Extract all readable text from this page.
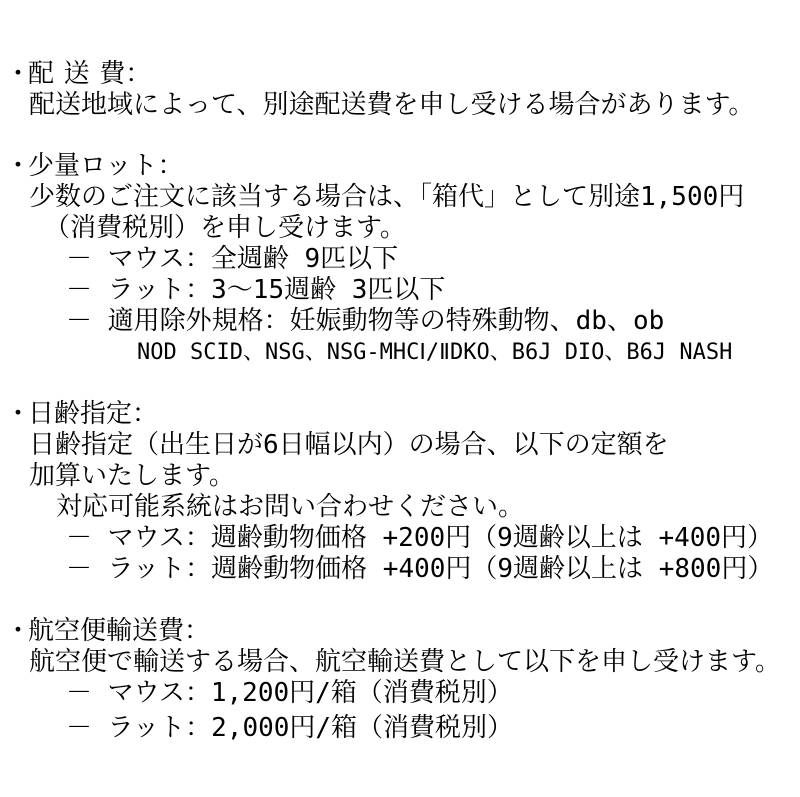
・
配 送 費：
配送地域によって、別途配送費を申し受ける場合があります。
・
少量ロット：
少数のご注文に該当する場合は、「箱代」として別途1,500円
（消費税別）を申し受けます。
－ マウス：全週齢 9匹以下
－ ラット：3～15週齢 3匹以下
－ 適用除外規格：妊娠動物等の特殊動物、db、ob
NOD SCID、NSG、NSG-MHCⅠ/ⅡDKO、B6J DIO、B6J NASH
・
日齢指定：
日齢指定（出生日が6日幅以内）の場合、以下の定額を
加算いたします。
対応可能系統はお問い合わせください。
－ マウス：週齢動物価格 +200円（9週齢以上は +400円）
－ ラット：週齢動物価格 +400円（9週齢以上は +800円）
・
航空便輸送費：
航空便で輸送する場合、航空輸送費として以下を申し受けます。
－ マウス：1,200円/箱（消費税別）
－ ラット：2,000円/箱（消費税別）
